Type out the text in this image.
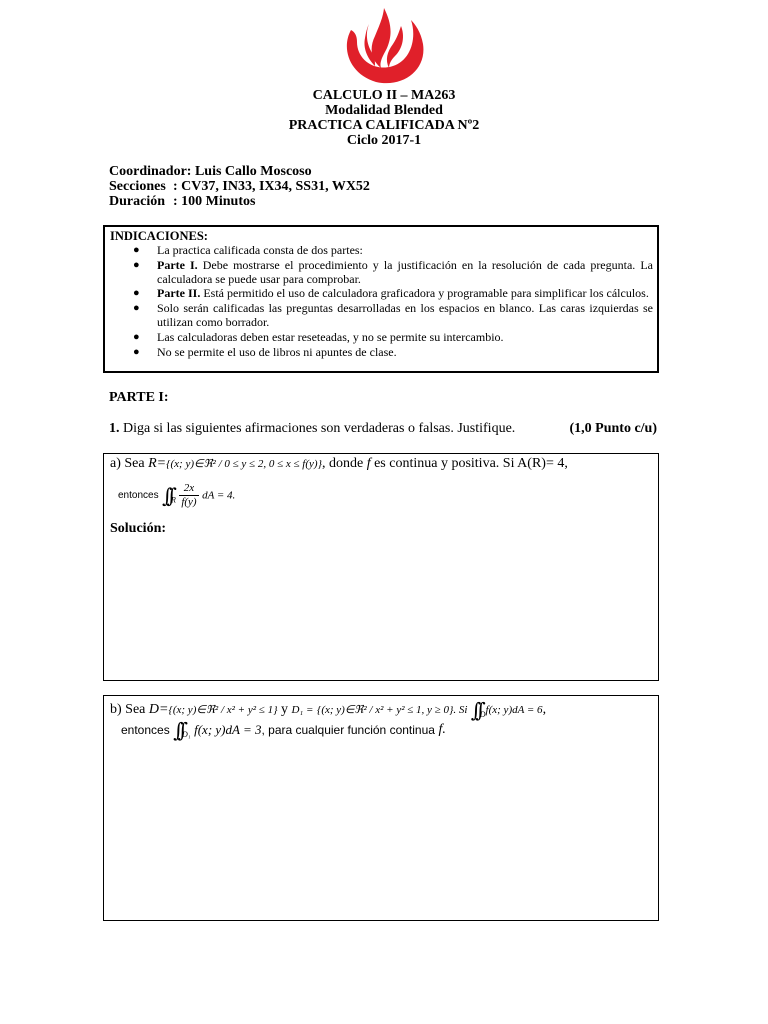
CALCULO II – MA263
Modalidad Blended
PRACTICA CALIFICADA Nº2
Ciclo 2017-1
Coordinador: Luis Callo Moscoso
Secciones : CV37, IN33, IX34, SS31, WX52
Duración : 100 Minutos
INDICACIONES:
● La practica calificada consta de dos partes:
● Parte I. Debe mostrarse el procedimiento y la justificación en la resolución de cada pregunta. La calculadora se puede usar para comprobar.
● Parte II. Está permitido el uso de calculadora graficadora y programable para simplificar los cálculos.
● Solo serán calificadas las preguntas desarrolladas en los espacios en blanco. Las caras izquierdas se utilizan como borrador.
● Las calculadoras deben estar reseteadas, y no se permite su intercambio.
● No se permite el uso de libros ni apuntes de clase.
PARTE I:
1. Diga si las siguientes afirmaciones son verdaderas o falsas. Justifique.	(1,0 Punto c/u)
a) Sea R={(x; y)∈ℜ² / 0 ≤ y ≤ 2, 0 ≤ x ≤ f(y)}, donde f es continua y positiva. Si A(R)= 4,
entonces $\int\int_R \frac{2x}{f(y)}$ dA = 4.
Solución:
b) Sea D={(x; y)∈ℜ² / x² + y² ≤ 1} y D₁ = {(x; y)∈ℜ² / x² + y² ≤ 1, y ≥ 0}. Si $\int\int_Df(x$; y)dA = 6,
entonces $\int\int_{D_1}$ f(x; y)dA = 3, para cualquier función continua f.
